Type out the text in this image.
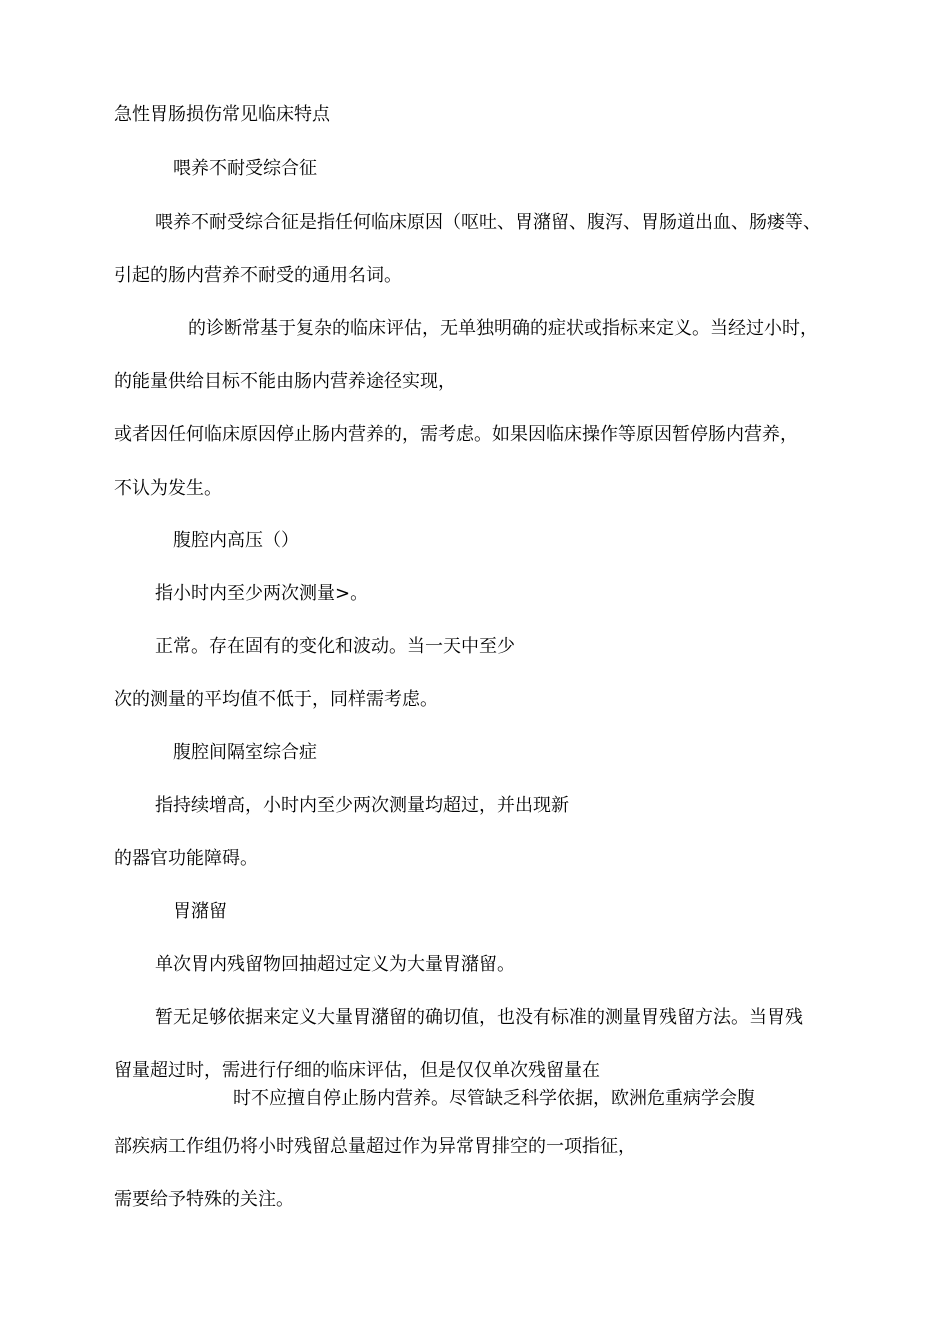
急性胃肠损伤常见临床特点
喂养不耐受综合征
喂养不耐受综合征是指任何临床原因（呕吐、胃潴留、腹泻、胃肠道出血、肠瘘等、
引起的肠内营养不耐受的通用名词。
的诊断常基于复杂的临床评估，无单独明确的症状或指标来定义。当经过小时，
的能量供给目标不能由肠内营养途径实现，
或者因任何临床原因停止肠内营养的，需考虑。如果因临床操作等原因暂停肠内营养，
不认为发生。
腹腔内高压（）
指小时内至少两次测量>。
正常。存在固有的变化和波动。当一天中至少
次的测量的平均值不低于，同样需考虑。
腹腔间隔室综合症
指持续增高，小时内至少两次测量均超过，并出现新
的器官功能障碍。
胃潴留
单次胃内残留物回抽超过定义为大量胃潴留。
暂无足够依据来定义大量胃潴留的确切值，也没有标准的测量胃残留方法。当胃残
留量超过时，需进行仔细的临床评估，但是仅仅单次残留量在
时不应擅自停止肠内营养。尽管缺乏科学依据，欧洲危重病学会腹
部疾病工作组仍将小时残留总量超过作为异常胃排空的一项指征，
需要给予特殊的关注。
